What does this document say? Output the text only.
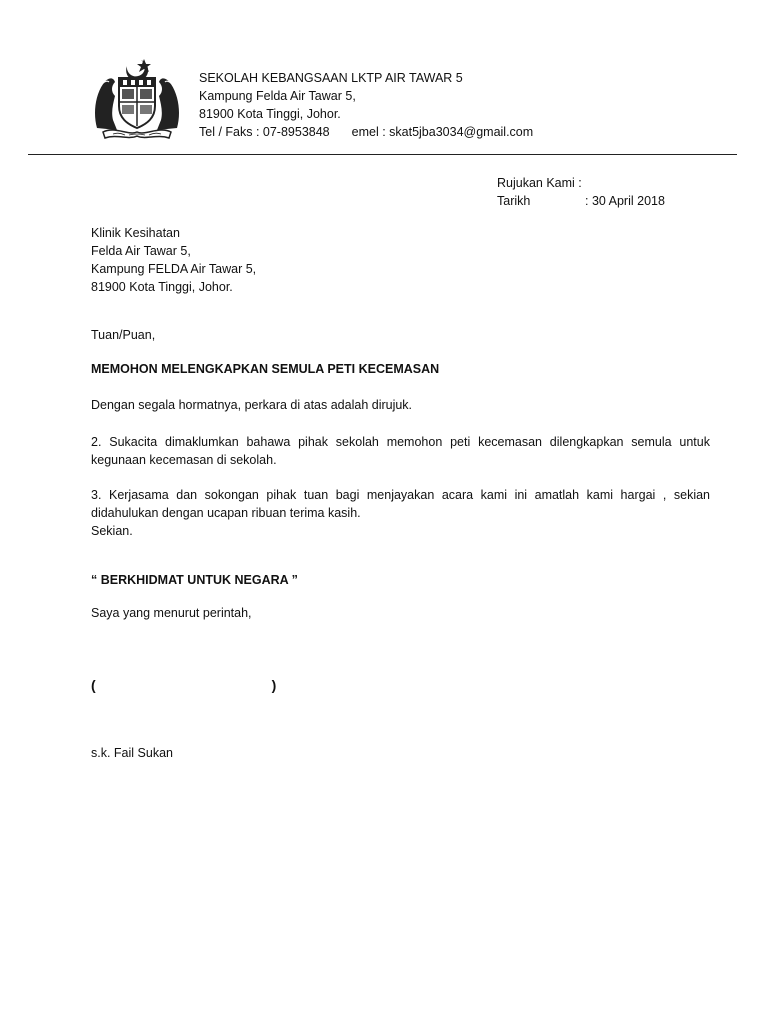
SEKOLAH KEBANGSAAN LKTP AIR TAWAR 5
Kampung Felda Air Tawar 5,
81900 Kota Tinggi, Johor.
Tel / Faks : 07-8953848 emel : skat5jba3034@gmail.com
Rujukan Kami :
Tarikh	: 30 April 2018
Klinik Kesihatan
Felda Air Tawar 5,
Kampung FELDA Air Tawar 5,
81900 Kota Tinggi, Johor.
Tuan/Puan,
MEMOHON MELENGKAPKAN SEMULA PETI KECEMASAN
Dengan segala hormatnya, perkara di atas adalah dirujuk.
2. Sukacita dimaklumkan bahawa pihak sekolah memohon peti kecemasan dilengkapkan semula untuk kegunaan kecemasan di sekolah.
3. Kerjasama dan sokongan pihak tuan bagi menjayakan acara kami ini amatlah kami hargai , sekian didahulukan dengan ucapan ribuan terima kasih.
Sekian.
“ BERKHIDMAT UNTUK NEGARA ”
Saya yang menurut perintah,
(	)
s.k. Fail Sukan
